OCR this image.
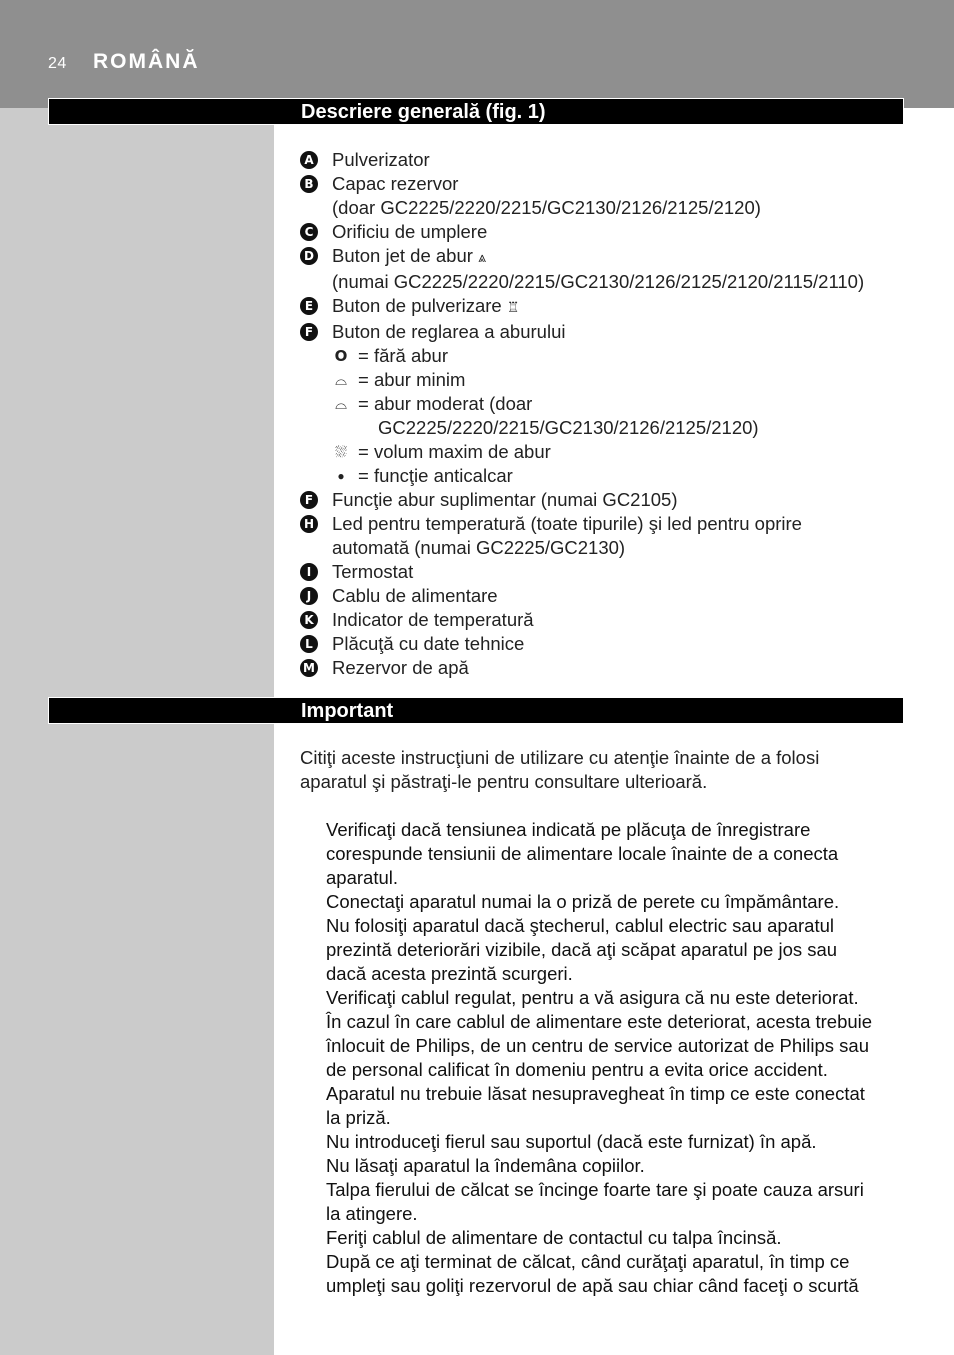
24 ROMÂNĂ
Descriere generală (fig. 1)
A Pulverizator
B Capac rezervor
(doar GC2225/2220/2215/GC2130/2126/2125/2120)
C Orificiu de umplere
D Buton jet de abur ⩓
(numai GC2225/2220/2215/GC2130/2126/2125/2120/2115/2110)
E Buton de pulverizare ♖
F Buton de reglarea a aburului
O = fără abur
⌓ = abur minim
⌓ = abur moderat (doar
GC2225/2220/2215/GC2130/2126/2125/2120)
⛆ = volum maxim de abur
● = funcţie anticalcar
F Funcţie abur suplimentar (numai GC2105)
H Led pentru temperatură (toate tipurile) şi led pentru oprire
automată (numai GC2225/GC2130)
I	Termostat
J	Cablu de alimentare
K Indicator de temperatură
L Plăcuţă cu date tehnice
M Rezervor de apă
Important
Citiţi aceste instrucţiuni de utilizare cu atenţie înainte de a folosi
aparatul şi păstraţi-le pentru consultare ulterioară.
Verificaţi dacă tensiunea indicată pe plăcuţa de înregistrare
corespunde tensiunii de alimentare locale înainte de a conecta
aparatul.
Conectaţi aparatul numai la o priză de perete cu împământare.
Nu folosiţi aparatul dacă ştecherul, cablul electric sau aparatul
prezintă deteriorări vizibile, dacă aţi scăpat aparatul pe jos sau
dacă acesta prezintă scurgeri.
Verificaţi cablul regulat, pentru a vă asigura că nu este deteriorat.
În cazul în care cablul de alimentare este deteriorat, acesta trebuie
înlocuit de Philips, de un centru de service autorizat de Philips sau
de personal calificat în domeniu pentru a evita orice accident.
Aparatul nu trebuie lăsat nesupravegheat în timp ce este conectat
la priză.
Nu introduceţi fierul sau suportul (dacă este furnizat) în apă.
Nu lăsaţi aparatul la îndemâna copiilor.
Talpa fierului de călcat se încinge foarte tare şi poate cauza arsuri
la atingere.
Feriţi cablul de alimentare de contactul cu talpa încinsă.
După ce aţi terminat de călcat, când curăţaţi aparatul, în timp ce
umpleţi sau goliţi rezervorul de apă sau chiar când faceţi o scurtă
